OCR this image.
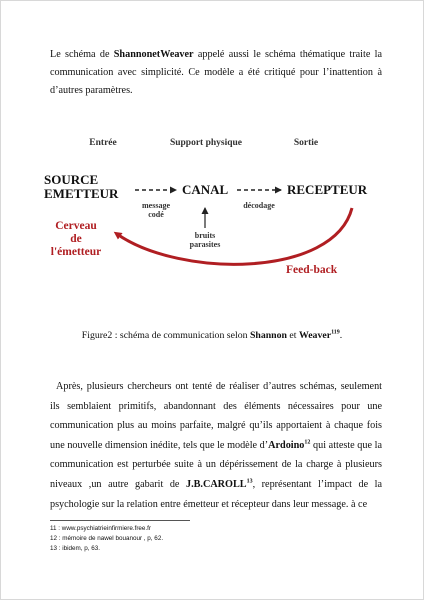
Le schéma de ShannonetWeaver appelé aussi le schéma thématique traite la communication avec simplicité. Ce modèle a été critiqué pour l’inattention à d’autres paramètres.

Entrée	Support physique	Sortie
SOURCE
EMETTEUR	CANAL	RECEPTEUR
message
codé
décodage
bruits
parasites
Cerveau
de
l'émetteur
Feed-back

Figure2 : schéma de communication selon Shannon et Weaver$^{119}$.

Après, plusieurs chercheurs ont tenté de réaliser d’autres schémas, seulement ils semblaient primitifs, abandonnant des éléments nécessaires pour une communication plus au moins parfaite, malgré qu’ils apportaient à chaque fois une nouvelle dimension inédite, tels que le modèle d’Ardoino$^{12}$ qui atteste que la communication est perturbée suite à un dépérissement de la charge à plusieurs niveaux ,un autre gabarit de J.B.CAROLL$^{13}$, représentant l’impact de la psychologie sur la relation entre émetteur et récepteur dans leur message. à ce

11 : www.psychiatrieinfirmiere.free.fr
12 : mémoire de nawel bouanour , p, 62.
13 : ibidem, p, 63.
